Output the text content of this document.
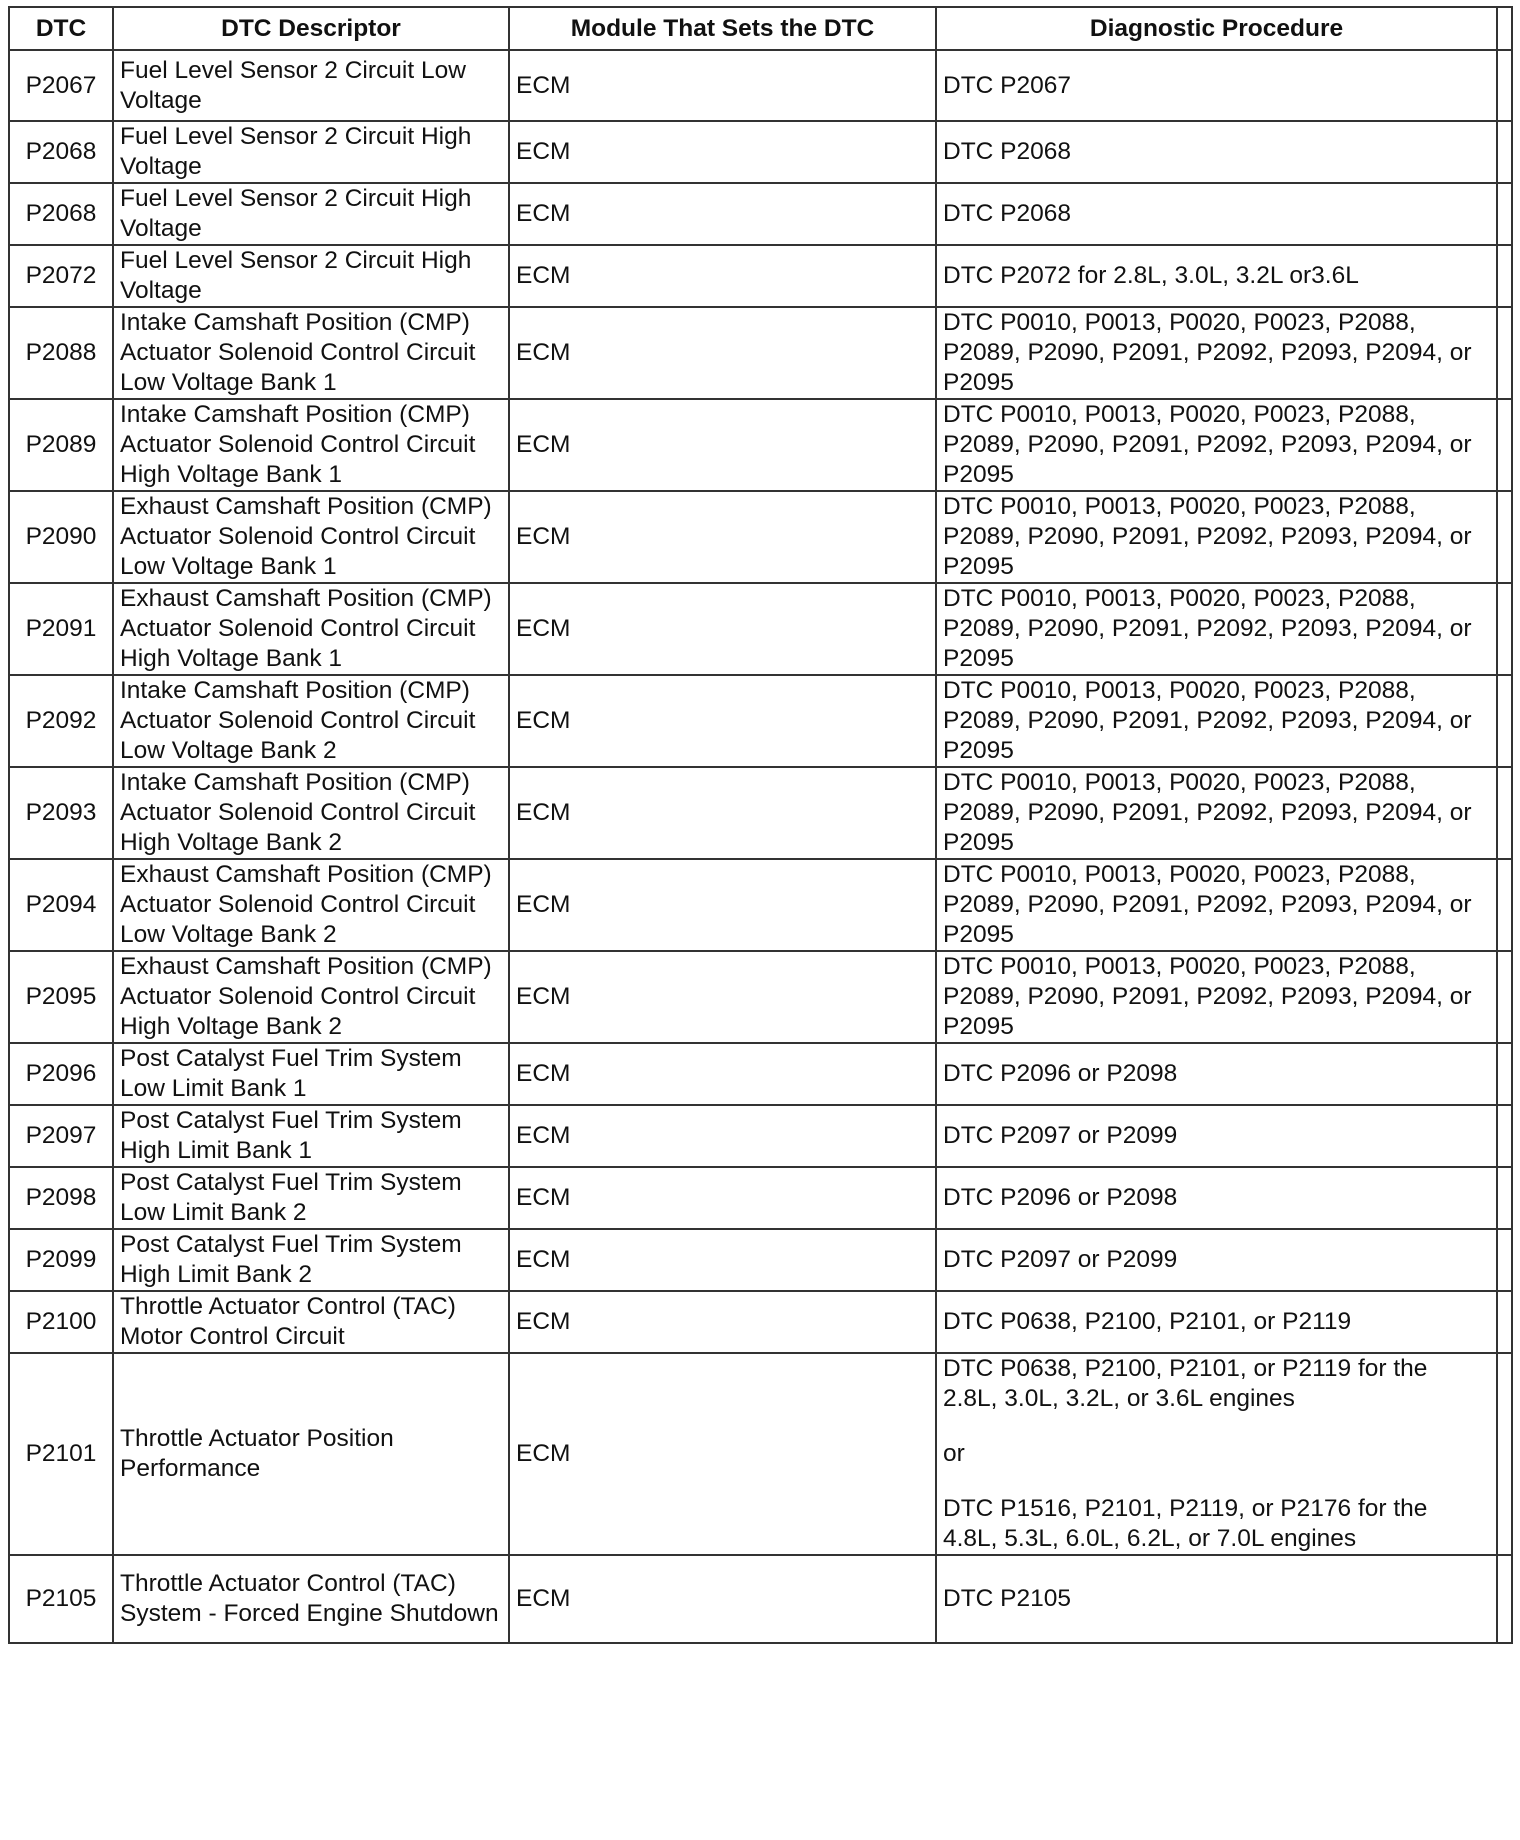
DTC	DTC Descriptor	Module That Sets the DTC	Diagnostic Procedure	
P2067	Fuel Level Sensor 2 Circuit Low Voltage	ECM	DTC P2067	

P2068	Fuel Level Sensor 2 Circuit High Voltage	ECM	DTC P2068	

P2068	Fuel Level Sensor 2 Circuit High Voltage	ECM	DTC P2068	

P2072	Fuel Level Sensor 2 Circuit High Voltage	ECM	DTC P2072 for 2.8L, 3.0L, 3.2L or3.6L	

P2088	Intake Camshaft Position (CMP) Actuator Solenoid Control Circuit Low Voltage Bank 1	ECM	DTC P0010, P0013, P0020, P0023, P2088, P2089, P2090, P2091, P2092, P2093, P2094, or P2095	

P2089	Intake Camshaft Position (CMP) Actuator Solenoid Control Circuit High Voltage Bank 1	ECM	DTC P0010, P0013, P0020, P0023, P2088, P2089, P2090, P2091, P2092, P2093, P2094, or P2095	

P2090	Exhaust Camshaft Position (CMP) Actuator Solenoid Control Circuit Low Voltage Bank 1	ECM	DTC P0010, P0013, P0020, P0023, P2088, P2089, P2090, P2091, P2092, P2093, P2094, or P2095	

P2091	Exhaust Camshaft Position (CMP) Actuator Solenoid Control Circuit High Voltage Bank 1	ECM	DTC P0010, P0013, P0020, P0023, P2088, P2089, P2090, P2091, P2092, P2093, P2094, or P2095	

P2092	Intake Camshaft Position (CMP) Actuator Solenoid Control Circuit Low Voltage Bank 2	ECM	DTC P0010, P0013, P0020, P0023, P2088, P2089, P2090, P2091, P2092, P2093, P2094, or P2095	

P2093	Intake Camshaft Position (CMP) Actuator Solenoid Control Circuit High Voltage Bank 2	ECM	DTC P0010, P0013, P0020, P0023, P2088, P2089, P2090, P2091, P2092, P2093, P2094, or P2095	

P2094	Exhaust Camshaft Position (CMP) Actuator Solenoid Control Circuit Low Voltage Bank 2	ECM	DTC P0010, P0013, P0020, P0023, P2088, P2089, P2090, P2091, P2092, P2093, P2094, or P2095	

P2095	Exhaust Camshaft Position (CMP) Actuator Solenoid Control Circuit High Voltage Bank 2	ECM	DTC P0010, P0013, P0020, P0023, P2088, P2089, P2090, P2091, P2092, P2093, P2094, or P2095	

P2096	Post Catalyst Fuel Trim System Low Limit Bank 1	ECM	DTC P2096 or P2098	

P2097	Post Catalyst Fuel Trim System High Limit Bank 1	ECM	DTC P2097 or P2099	

P2098	Post Catalyst Fuel Trim System Low Limit Bank 2	ECM	DTC P2096 or P2098	

P2099	Post Catalyst Fuel Trim System High Limit Bank 2	ECM	DTC P2097 or P2099	

P2100	Throttle Actuator Control (TAC) Motor Control Circuit	ECM	DTC P0638, P2100, P2101, or P2119	

P2101	Throttle Actuator Position Performance	ECM	DTC P0638, P2100, P2101, or P2119 for the 2.8L, 3.0L, 3.2L, or 3.6L engines
or
DTC P1516, P2101, P2119, or P2176 for the 4.8L, 5.3L, 6.0L, 6.2L, or 7.0L engines	

P2105	Throttle Actuator Control (TAC) System - Forced Engine Shutdown	ECM	DTC P2105	
